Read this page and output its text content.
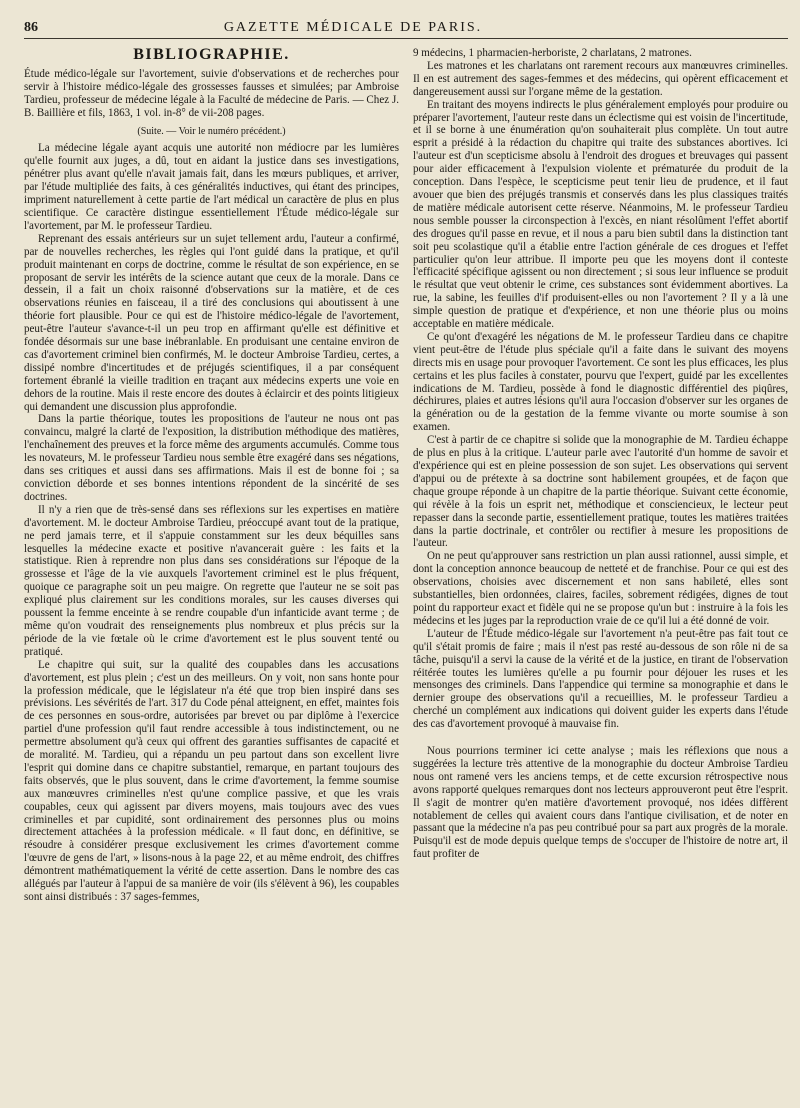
86	GAZETTE MÉDICALE DE PARIS.
BIBLIOGRAPHIE.

Étude médico-légale sur l'avortement, suivie d'observations et de recherches pour servir à l'histoire médico-légale des grossesses fausses et simulées; par Ambroise Tardieu, professeur de médecine légale à la Faculté de médecine de Paris. — Chez J. B. Baillière et fils, 1863, 1 vol. in-8° de vii-208 pages.

(Suite. — Voir le numéro précédent.)

La médecine légale ayant acquis une autorité non médiocre par les lumières qu'elle fournit aux juges, a dû, tout en aidant la justice dans ses investigations, pénétrer plus avant qu'elle n'avait jamais fait, dans les mœurs publiques, et arriver, par l'étude multipliée des faits, à ces généralités inductives, qui étant des principes, impriment naturellement à cette partie de l'art médical un caractère de plus en plus scientifique. Ce caractère distingue essentiellement l'Étude médico-légale sur l'avortement, par M. le professeur Tardieu.

Reprenant des essais antérieurs sur un sujet tellement ardu, l'auteur a confirmé, par de nouvelles recherches, les règles qui l'ont guidé dans la pratique, et qu'il produit maintenant en corps de doctrine, comme le résultat de son expérience, en se proposant de servir les intérêts de la science autant que ceux de la morale. Dans ce dessein, il a fait un choix raisonné d'observations sur la matière, et de ces observations réunies en faisceau, il a tiré des conclusions qui aboutissent à une théorie fort plausible. Pour ce qui est de l'histoire médico-légale de l'avortement, peut-être l'auteur s'avance-t-il un peu trop en affirmant qu'elle est définitive et fondée désormais sur une base inébranlable. En produisant une centaine environ de cas d'avortement criminel bien confirmés, M. le docteur Ambroise Tardieu, certes, a dissipé nombre d'incertitudes et de préjugés scientifiques, il a par conséquent fortement ébranlé la vieille tradition en traçant aux médecins experts une voie en dehors de la routine. Mais il reste encore des doutes à éclaircir et des points litigieux qui demandent une discussion plus approfondie.

Dans la partie théorique, toutes les propositions de l'auteur ne nous ont pas convaincu, malgré la clarté de l'exposition, la distribution méthodique des matières, l'enchaînement des preuves et la force même des arguments accumulés. Comme tous les novateurs, M. le professeur Tardieu nous semble être exagéré dans ses négations, dans ses critiques et aussi dans ses affirmations. Mais il est de bonne foi ; sa conviction déborde et ses bonnes intentions répondent de la sincérité de ses doctrines.

Il n'y a rien que de très-sensé dans ses réflexions sur les expertises en matière d'avortement. M. le docteur Ambroise Tardieu, préoccupé avant tout de la pratique, ne perd jamais terre, et il s'appuie constamment sur les deux béquilles sans lesquelles la médecine exacte et positive n'avancerait guère : les faits et la statistique. Rien à reprendre non plus dans ses considérations sur l'époque de la grossesse et l'âge de la vie auxquels l'avortement criminel est le plus fréquent, quoique ce paragraphe soit un peu maigre. On regrette que l'auteur ne se soit pas expliqué plus clairement sur les conditions morales, sur les causes diverses qui poussent la femme enceinte à se rendre coupable d'un infanticide avant terme ; de même qu'on voudrait des renseignements plus nombreux et plus précis sur la période de la vie fœtale où le crime d'avortement est le plus souvent tenté ou pratiqué.

Le chapitre qui suit, sur la qualité des coupables dans les accusations d'avortement, est plus plein ; c'est un des meilleurs. On y voit, non sans honte pour la profession médicale, que le législateur n'a été que trop bien inspiré dans ses prévisions. Les sévérités de l'art. 317 du Code pénal atteignent, en effet, maintes fois de ces personnes en sous-ordre, autorisées par brevet ou par diplôme à l'exercice partiel d'une profession qu'il faut rendre accessible à tous indistinctement, ou ne permettre absolument qu'à ceux qui offrent des garanties suffisantes de capacité et de moralité. M. Tardieu, qui a répandu un peu partout dans son excellent livre l'esprit qui domine dans ce chapitre substantiel, remarque, en partant toujours des faits observés, que le plus souvent, dans le crime d'avortement, la femme soumise aux manœuvres criminelles n'est qu'une complice passive, et que les vrais coupables, ceux qui agissent par divers moyens, mais toujours avec des vues criminelles et par cupidité, sont ordinairement des personnes plus ou moins directement attachées à la profession médicale. « Il faut donc, en définitive, se résoudre à considérer presque exclusivement les crimes d'avortement comme l'œuvre de gens de l'art, » lisons-nous à la page 22, et au même endroit, des chiffres démontrent mathématiquement la vérité de cette assertion. Dans le nombre des cas allégués par l'auteur à l'appui de sa manière de voir (ils s'élèvent à 96), les coupables sont ainsi distribués : 37 sages-femmes,

9 médecins, 1 pharmacien-herboriste, 2 charlatans, 2 matrones.

Les matrones et les charlatans ont rarement recours aux manœuvres criminelles. Il en est autrement des sages-femmes et des médecins, qui opèrent efficacement et dangereusement aussi sur l'organe même de la gestation.

En traitant des moyens indirects le plus généralement employés pour produire ou préparer l'avortement, l'auteur reste dans un éclectisme qui est voisin de l'incertitude, et il se borne à une énumération qu'on souhaiterait plus complète. Un tout autre esprit a présidé à la rédaction du chapitre qui traite des substances abortives. Ici l'auteur est d'un scepticisme absolu à l'endroit des drogues et breuvages qui passent pour aider efficacement à l'expulsion violente et prématurée du produit de la conception. Dans l'espèce, le scepticisme peut tenir lieu de prudence, et il faut avouer que bien des préjugés transmis et conservés dans les plus classiques traités de matière médicale autorisent cette réserve. Néanmoins, M. le professeur Tardieu nous semble pousser la circonspection à l'excès, en niant résolûment l'effet abortif des drogues qu'il passe en revue, et il nous a paru bien subtil dans la distinction tant soit peu scolastique qu'il a établie entre l'action générale de ces drogues et l'effet particulier qu'on leur attribue. Il importe peu que les moyens dont il conteste l'efficacité spécifique agissent ou non directement ; si sous leur influence se produit le résultat que veut obtenir le crime, ces substances sont évidemment abortives. La rue, la sabine, les feuilles d'if produisent-elles ou non l'avortement ? Il y a là une simple question de pratique et d'expérience, et non une théorie plus ou moins acceptable en matière médicale.

Ce qu'ont d'exagéré les négations de M. le professeur Tardieu dans ce chapitre vient peut-être de l'étude plus spéciale qu'il a faite dans le suivant des moyens directs mis en usage pour provoquer l'avortement. Ce sont les plus efficaces, les plus certains et les plus faciles à constater, pourvu que l'expert, guidé par les excellentes indications de M. Tardieu, possède à fond le diagnostic différentiel des piqûres, déchirures, plaies et autres lésions qu'il aura l'occasion d'observer sur les organes de la génération ou de la gestation de la femme vivante ou morte soumise à son examen.

C'est à partir de ce chapitre si solide que la monographie de M. Tardieu échappe de plus en plus à la critique. L'auteur parle avec l'autorité d'un homme de savoir et d'expérience qui est en pleine possession de son sujet. Les observations qui servent d'appui ou de prétexte à sa doctrine sont habilement groupées, et de façon que chaque groupe réponde à un chapitre de la partie théorique. Suivant cette économie, qui révèle à la fois un esprit net, méthodique et consciencieux, le lecteur peut repasser dans la seconde partie, essentiellement pratique, toutes les matières traitées dans la partie doctrinale, et contrôler ou rectifier à mesure les propositions de l'auteur.

On ne peut qu'approuver sans restriction un plan aussi rationnel, aussi simple, et dont la conception annonce beaucoup de netteté et de franchise. Pour ce qui est des observations, choisies avec discernement et non sans habileté, elles sont substantielles, bien ordonnées, claires, faciles, sobrement rédigées, dignes de tout point du rapporteur exact et fidèle qui ne se propose qu'un but : instruire à la fois les médecins et les juges par la reproduction vraie de ce qu'il lui a été donné de voir.

L'auteur de l'Étude médico-légale sur l'avortement n'a peut-être pas fait tout ce qu'il s'était promis de faire ; mais il n'est pas resté au-dessous de son rôle ni de sa tâche, puisqu'il a servi la cause de la vérité et de la justice, en tirant de l'observation réitérée toutes les lumières qu'elle a pu fournir pour déjouer les ruses et les mensonges des criminels. Dans l'appendice qui termine sa monographie et dans le dernier groupe des observations qu'il a recueillies, M. le professeur Tardieu a cherché un complément aux indications qui doivent guider les experts dans l'étude des cas d'avortement provoqué à mauvaise fin.

Nous pourrions terminer ici cette analyse ; mais les réflexions que nous a suggérées la lecture très attentive de la monographie du docteur Ambroise Tardieu nous ont ramené vers les anciens temps, et de cette excursion rétrospective nous avons rapporté quelques remarques dont nos lecteurs approuveront peut être l'esprit. Il s'agit de montrer qu'en matière d'avortement provoqué, nos idées diffèrent notablement de celles qui avaient cours dans l'antique civilisation, et de noter en passant que la médecine n'a pas peu contribué pour sa part aux progrès de la morale. Puisqu'il est de mode depuis quelque temps de s'occuper de l'histoire de notre art, il faut profiter de
